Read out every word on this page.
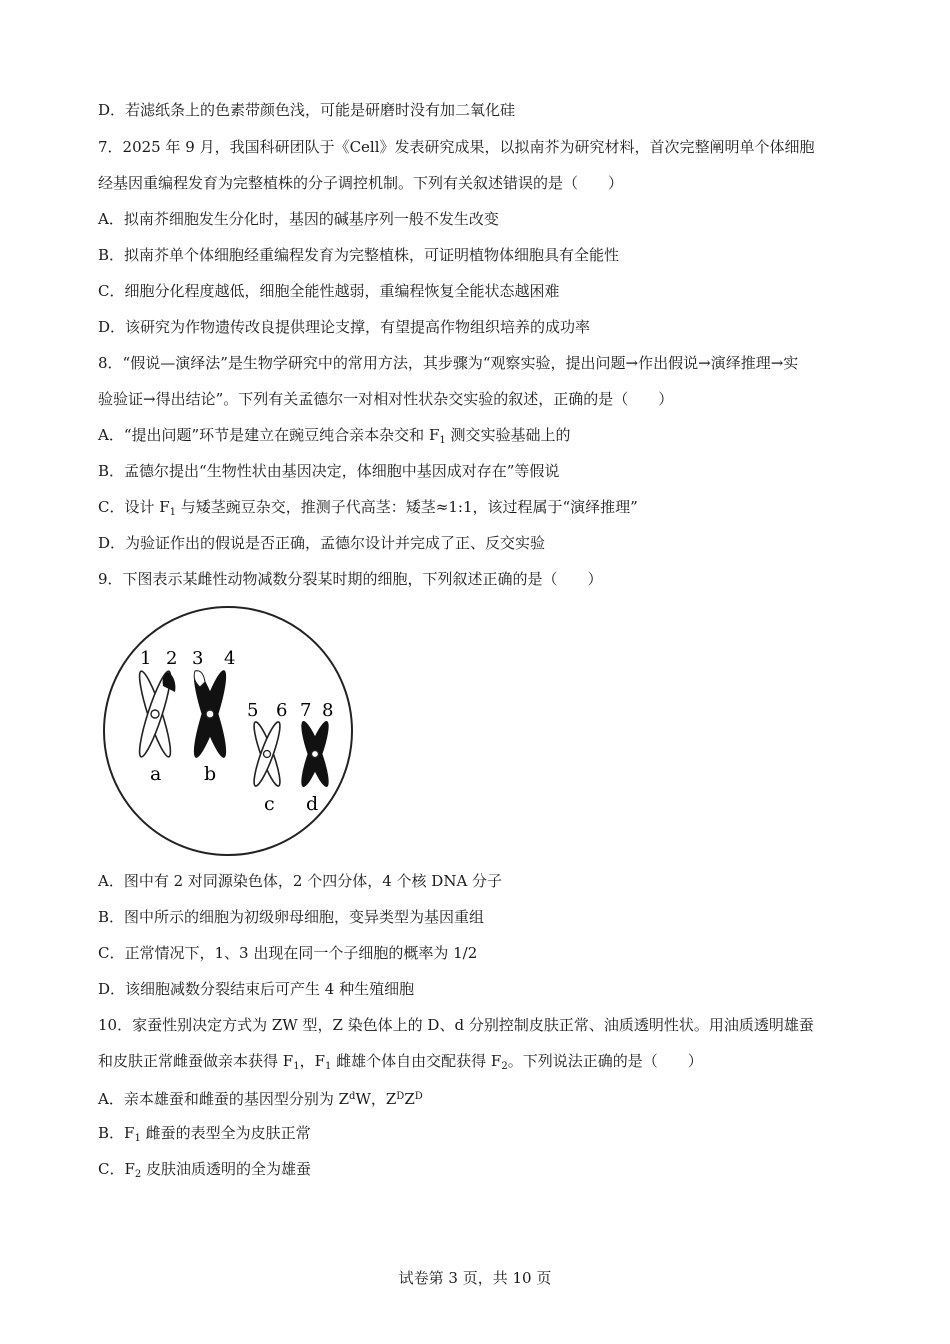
D．若滤纸条上的色素带颜色浅，可能是研磨时没有加二氧化硅
7．2025 年 9 月，我国科研团队于《Cell》发表研究成果，以拟南芥为研究材料，首次完整阐明单个体细胞
经基因重编程发育为完整植株的分子调控机制。下列有关叙述错误的是（　　）
A．拟南芥细胞发生分化时，基因的碱基序列一般不发生改变
B．拟南芥单个体细胞经重编程发育为完整植株，可证明植物体细胞具有全能性
C．细胞分化程度越低，细胞全能性越弱，重编程恢复全能状态越困难
D．该研究为作物遗传改良提供理论支撑，有望提高作物组织培养的成功率
8．“假说—演绎法”是生物学研究中的常用方法，其步骤为“观察实验，提出问题→作出假说→演绎推理→实
验验证→得出结论”。下列有关孟德尔一对相对性状杂交实验的叙述，正确的是（　　）
A．“提出问题”环节是建立在豌豆纯合亲本杂交和 $F_1$ 测交实验基础上的
B．孟德尔提出“生物性状由基因决定，体细胞中基因成对存在”等假说
C．设计 $F_1$ 与矮茎豌豆杂交，推测子代高茎：矮茎≈1:1，该过程属于“演绎推理”
D．为验证作出的假说是否正确，孟德尔设计并完成了正、反交实验
9．下图表示某雌性动物减数分裂某时期的细胞，下列叙述正确的是（　　）
1 2 3 4
5 6 7 8
a b
c d
A．图中有 2 对同源染色体，2 个四分体，4 个核 DNA 分子
B．图中所示的细胞为初级卵母细胞，变异类型为基因重组
C．正常情况下，1、3 出现在同一个子细胞的概率为 1/2
D．该细胞减数分裂结束后可产生 4 种生殖细胞
10．家蚕性别决定方式为 ZW 型，Z 染色体上的 D、d 分别控制皮肤正常、油质透明性状。用油质透明雄蚕
和皮肤正常雌蚕做亲本获得 $F_1$，$F_1$ 雌雄个体自由交配获得 $F_2$。下列说法正确的是（　　）
A．亲本雄蚕和雌蚕的基因型分别为 $Z^dW$，$Z^DZ^D$
B．$F_1$ 雌蚕的表型全为皮肤正常
C．$F_2$ 皮肤油质透明的全为雄蚕
试卷第 3 页，共 10 页
